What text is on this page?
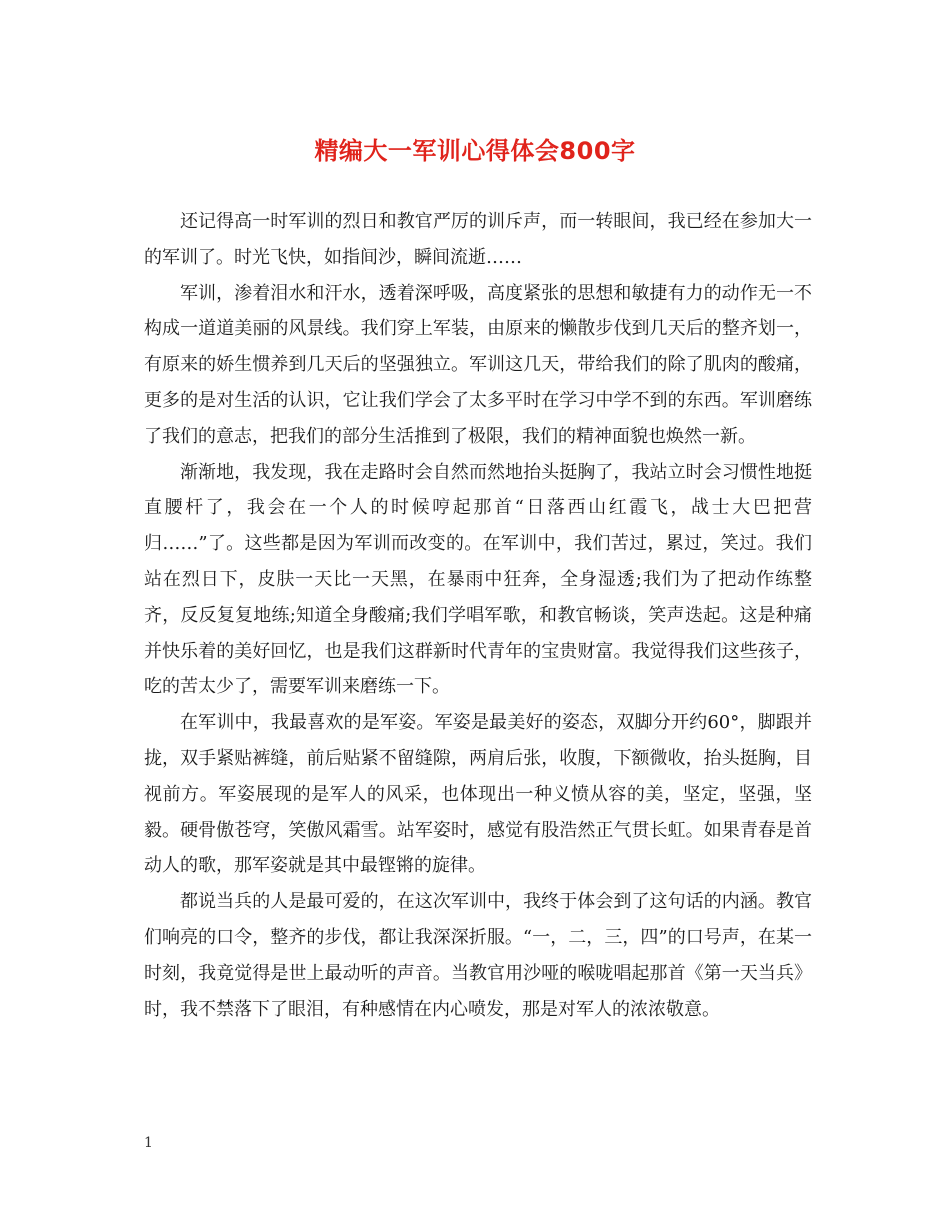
精编大一军训心得体会800字

还记得高一时军训的烈日和教官严厉的训斥声，而一转眼间，我已经在参加大一的军训了。时光飞快，如指间沙，瞬间流逝……

军训，渗着泪水和汗水，透着深呼吸，高度紧张的思想和敏捷有力的动作无一不构成一道道美丽的风景线。我们穿上军装，由原来的懒散步伐到几天后的整齐划一，有原来的娇生惯养到几天后的坚强独立。军训这几天，带给我们的除了肌肉的酸痛，更多的是对生活的认识，它让我们学会了太多平时在学习中学不到的东西。军训磨练了我们的意志，把我们的部分生活推到了极限，我们的精神面貌也焕然一新。

渐渐地，我发现，我在走路时会自然而然地抬头挺胸了，我站立时会习惯性地挺直腰杆了，我会在一个人的时候哼起那首“日落西山红霞飞，战士大巴把营归……”了。这些都是因为军训而改变的。在军训中，我们苦过，累过，笑过。我们站在烈日下，皮肤一天比一天黑，在暴雨中狂奔，全身湿透;我们为了把动作练整齐，反反复复地练;知道全身酸痛;我们学唱军歌，和教官畅谈，笑声迭起。这是种痛并快乐着的美好回忆，也是我们这群新时代青年的宝贵财富。我觉得我们这些孩子，吃的苦太少了，需要军训来磨练一下。

在军训中，我最喜欢的是军姿。军姿是最美好的姿态，双脚分开约60°，脚跟并拢，双手紧贴裤缝，前后贴紧不留缝隙，两肩后张，收腹，下额微收，抬头挺胸，目视前方。军姿展现的是军人的风采，也体现出一种义愤从容的美，坚定，坚强，坚毅。硬骨傲苍穹，笑傲风霜雪。站军姿时，感觉有股浩然正气贯长虹。如果青春是首动人的歌，那军姿就是其中最铿锵的旋律。

都说当兵的人是最可爱的，在这次军训中，我终于体会到了这句话的内涵。教官们响亮的口令，整齐的步伐，都让我深深折服。“一，二，三，四”的口号声，在某一时刻，我竟觉得是世上最动听的声音。当教官用沙哑的喉咙唱起那首《第一天当兵》时，我不禁落下了眼泪，有种感情在内心喷发，那是对军人的浓浓敬意。

1
